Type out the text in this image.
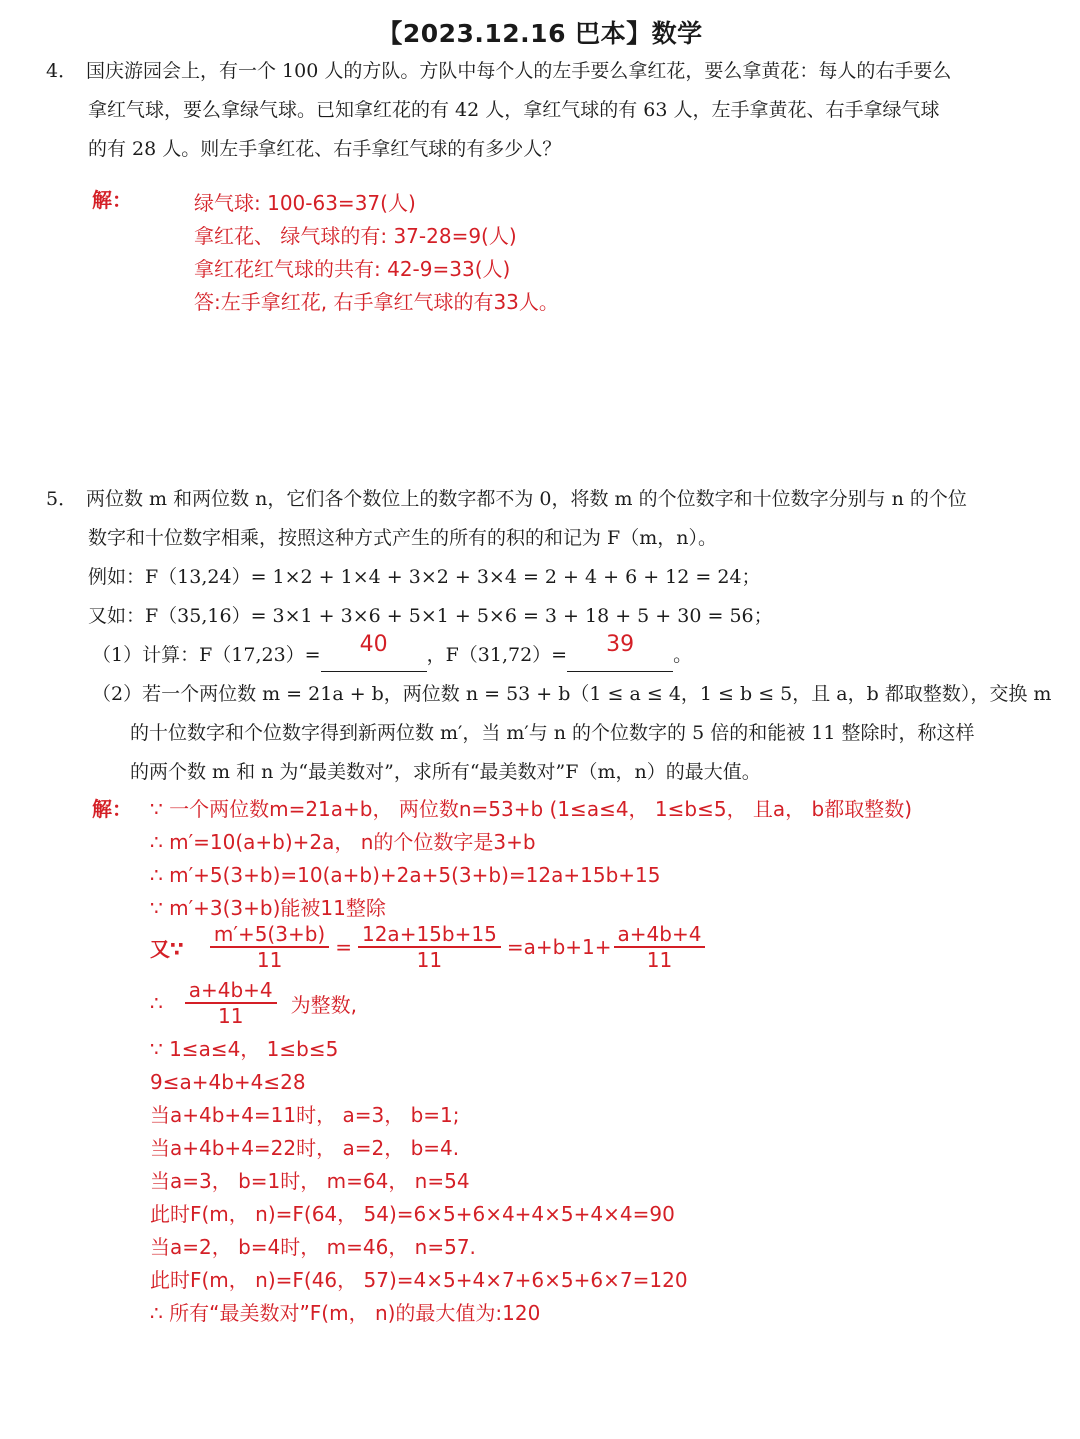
【2023.12.16 巴本】数学
4． 国庆游园会上，有一个 100 人的方队。方队中每个人的左手要么拿红花，要么拿黄花：每人的右手要么
拿红气球，要么拿绿气球。已知拿红花的有 42 人，拿红气球的有 63 人，左手拿黄花、右手拿绿气球
的有 28 人。则左手拿红花、右手拿红气球的有多少人？
解：	绿气球: 100-63=37(人)
拿红花、 绿气球的有: 37-28=9(人)
拿红花红气球的共有: 42-9=33(人)
答:左手拿红花, 右手拿红气球的有33人。
5． 两位数 m 和两位数 n，它们各个数位上的数字都不为 0，将数 m 的个位数字和十位数字分别与 n 的个位
数字和十位数字相乘，按照这种方式产生的所有的积的和记为 F（m，n）。
例如：F（13,24）= 1×2 + 1×4 + 3×2 + 3×4 = 2 + 4 + 6 + 12 = 24；
又如：F（35,16）= 3×1 + 3×6 + 5×1 + 5×6 = 3 + 18 + 5 + 30 = 56；
（1）计算：F（17,23）= 40 ，F（31,72）= 39 。
（2）若一个两位数 m = 21a + b，两位数 n = 53 + b（1 ≤ a ≤ 4，1 ≤ b ≤ 5，且 a，b 都取整数），交换 m
的十位数字和个位数字得到新两位数 m′，当 m′与 n 的个位数字的 5 倍的和能被 11 整除时，称这样
的两个数 m 和 n 为“最美数对”，求所有“最美数对”F（m，n）的最大值。
解： ∵ 一个两位数m=21a+b， 两位数n=53+b (1≤a≤4， 1≤b≤5， 且a， b都取整数)
∴ m′=10(a+b)+2a， n的个位数字是3+b
∴ m′+5(3+b)=10(a+b)+2a+5(3+b)=12a+15b+15
∵ m′+3(3+b)能被11整除
又∵ $\frac{m'+5(3+b)}{11} = \frac{12a+15b+15}{11} =a+b+1+ \frac{a+4b+4}{11}$
∴ $\frac{a+4b+4}{11}$ 为整数,
∵ 1≤a≤4， 1≤b≤5
9≤a+4b+4≤28
当a+4b+4=11时， a=3， b=1;
当a+4b+4=22时， a=2， b=4.
当a=3， b=1时， m=64， n=54
此时F(m， n)=F(64， 54)=6×5+6×4+4×5+4×4=90
当a=2， b=4时， m=46， n=57.
此时F(m， n)=F(46， 57)=4×5+4×7+6×5+6×7=120
∴ 所有“最美数对”F(m， n)的最大值为:120
